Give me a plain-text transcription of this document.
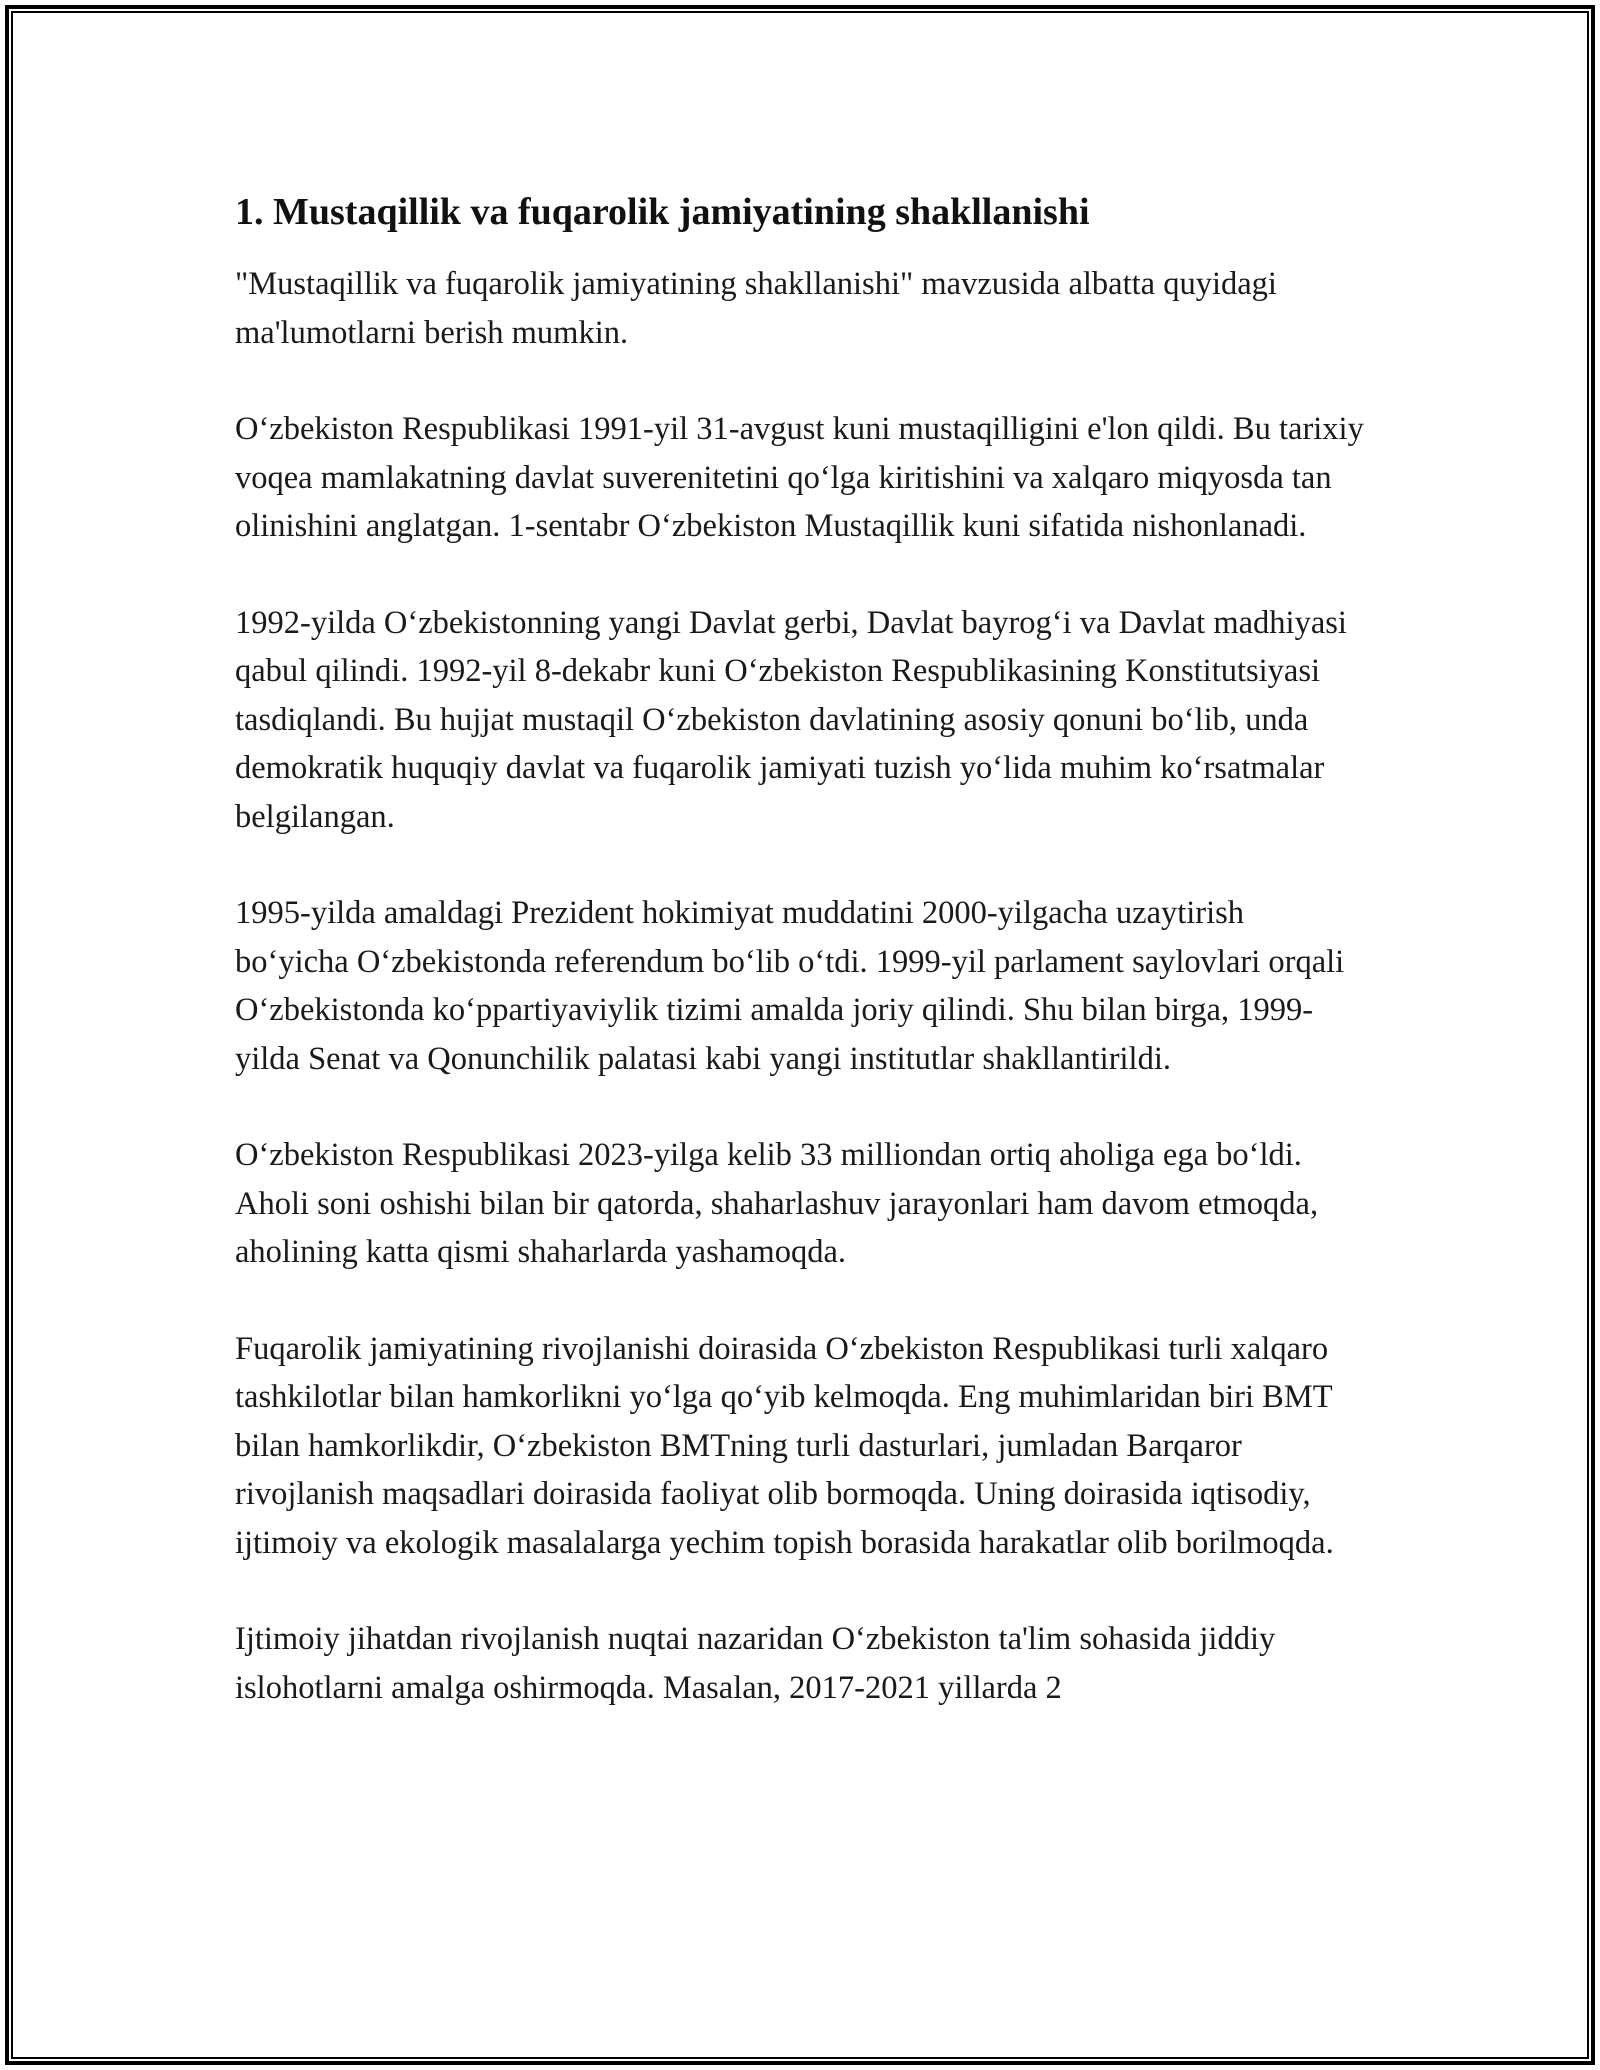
1. Mustaqillik va fuqarolik jamiyatining shakllanishi

"Mustaqillik va fuqarolik jamiyatining shakllanishi" mavzusida albatta quyidagi ma'lumotlarni berish mumkin.

O‘zbekiston Respublikasi 1991-yil 31-avgust kuni mustaqilligini e'lon qildi. Bu tarixiy voqea mamlakatning davlat suverenitetini qo‘lga kiritishini va xalqaro miqyosda tan olinishini anglatgan. 1-sentabr O‘zbekiston Mustaqillik kuni sifatida nishonlanadi.

1992-yilda O‘zbekistonning yangi Davlat gerbi, Davlat bayrog‘i va Davlat madhiyasi qabul qilindi. 1992-yil 8-dekabr kuni O‘zbekiston Respublikasining Konstitutsiyasi tasdiqlandi. Bu hujjat mustaqil O‘zbekiston davlatining asosiy qonuni bo‘lib, unda demokratik huquqiy davlat va fuqarolik jamiyati tuzish yo‘lida muhim ko‘rsatmalar belgilangan.

1995-yilda amaldagi Prezident hokimiyat muddatini 2000-yilgacha uzaytirish bo‘yicha O‘zbekistonda referendum bo‘lib o‘tdi. 1999-yil parlament saylovlari orqali O‘zbekistonda ko‘ppartiyaviylik tizimi amalda joriy qilindi. Shu bilan birga, 1999-yilda Senat va Qonunchilik palatasi kabi yangi institutlar shakllantirildi.

O‘zbekiston Respublikasi 2023-yilga kelib 33 milliondan ortiq aholiga ega bo‘ldi. Aholi soni oshishi bilan bir qatorda, shaharlashuv jarayonlari ham davom etmoqda, aholining katta qismi shaharlarda yashamoqda.

Fuqarolik jamiyatining rivojlanishi doirasida O‘zbekiston Respublikasi turli xalqaro tashkilotlar bilan hamkorlikni yo‘lga qo‘yib kelmoqda. Eng muhimlaridan biri BMT bilan hamkorlikdir, O‘zbekiston BMTning turli dasturlari, jumladan Barqaror rivojlanish maqsadlari doirasida faoliyat olib bormoqda. Uning doirasida iqtisodiy, ijtimoiy va ekologik masalalarga yechim topish borasida harakatlar olib borilmoqda.

Ijtimoiy jihatdan rivojlanish nuqtai nazaridan O‘zbekiston ta'lim sohasida jiddiy islohotlarni amalga oshirmoqda. Masalan, 2017-2021 yillarda 2
